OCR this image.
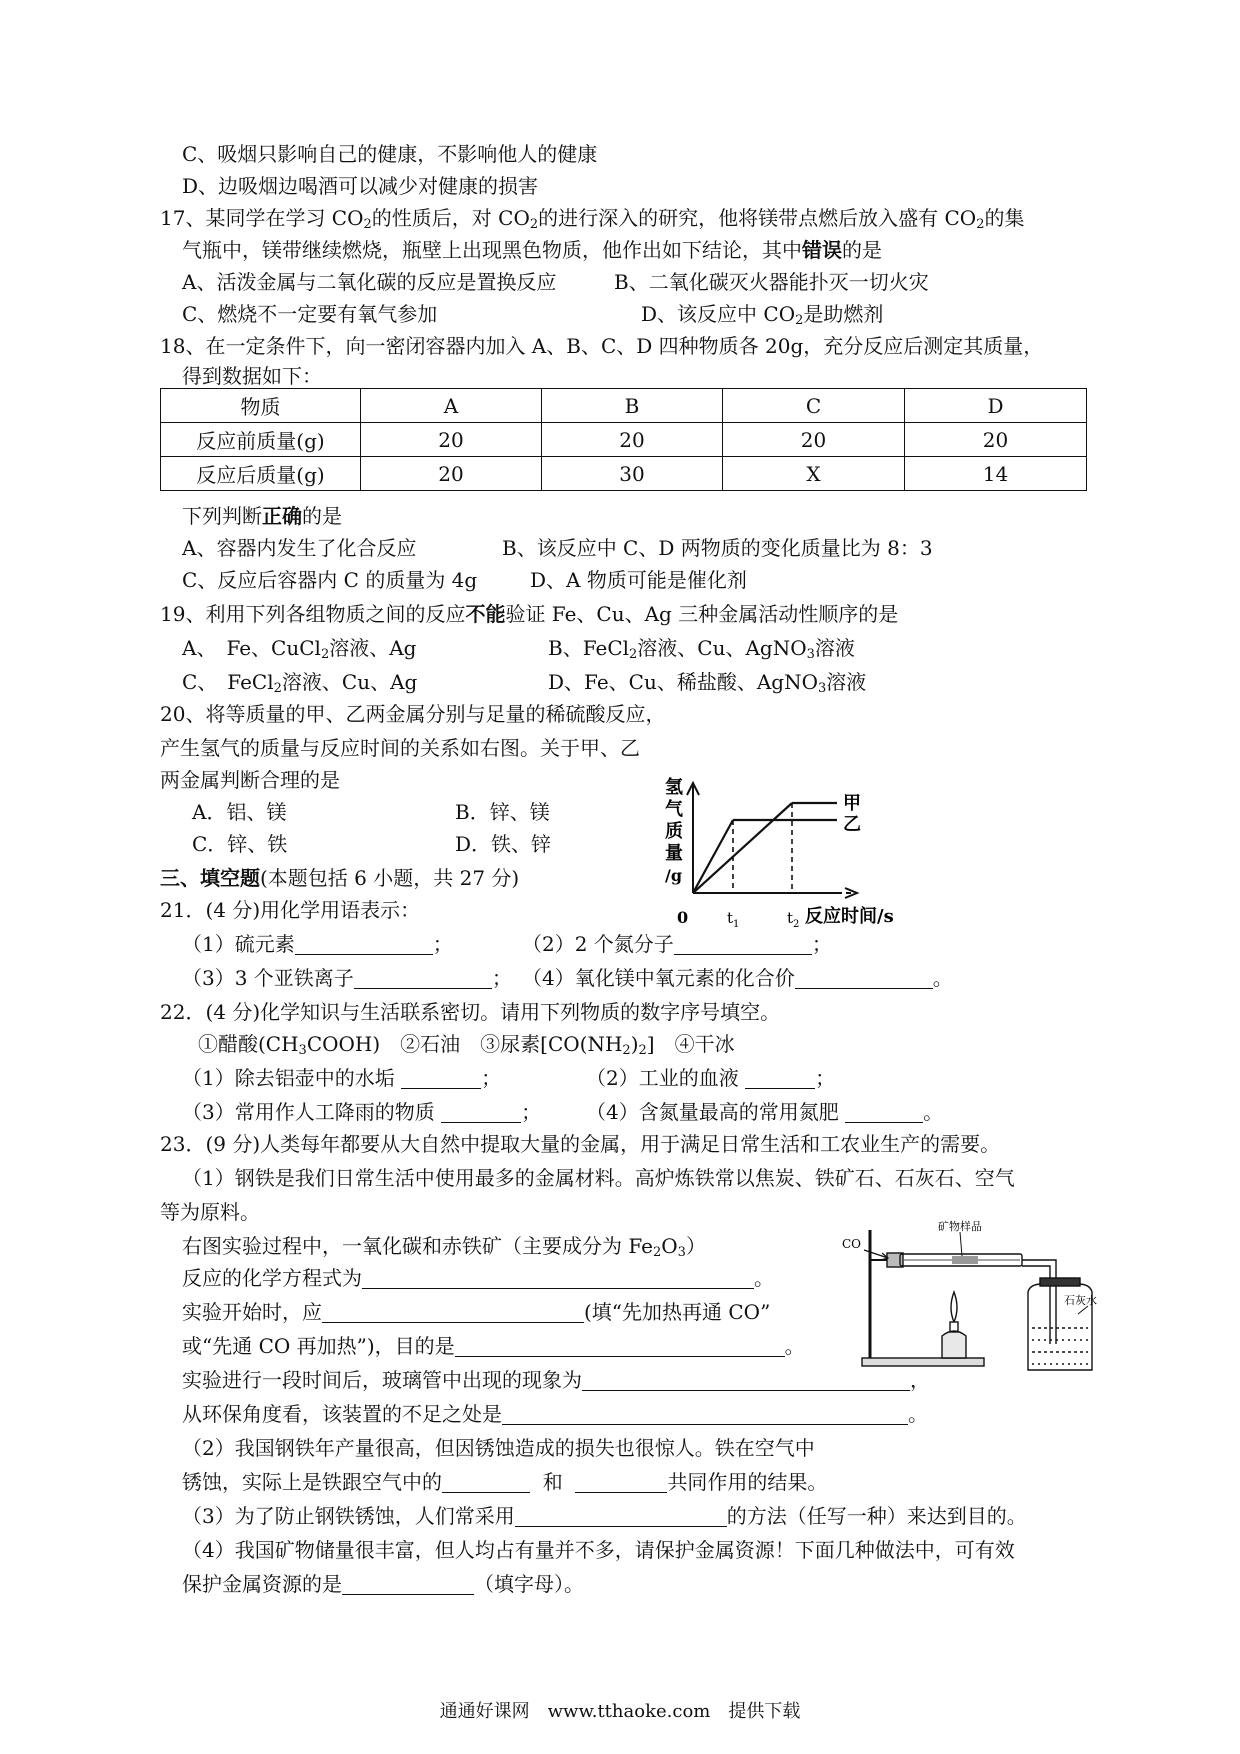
C、吸烟只影响自己的健康，不影响他人的健康
D、边吸烟边喝酒可以减少对健康的损害
17、某同学在学习 $CO_2$的性质后，对 $CO_2$的进行深入的研究，他将镁带点燃后放入盛有 $CO_2$的集
气瓶中，镁带继续燃烧，瓶壁上出现黑色物质，他作出如下结论，其中错误的是
A、活泼金属与二氧化碳的反应是置换反应	B、二氧化碳灭火器能扑灭一切火灾
C、燃烧不一定要有氧气参加	D、该反应中 $CO_2$是助燃剂
18、在一定条件下，向一密闭容器内加入 A、B、C、D 四种物质各 20g，充分反应后测定其质量，
得到数据如下：
物质	A	B	C	D
反应前质量(g)	20	20	20	20
反应后质量(g)	20	30	X	14
下列判断正确的是
A、容器内发生了化合反应	B、该反应中 C、D 两物质的变化质量比为 8：3
C、反应后容器内 C 的质量为 4g	D、A 物质可能是催化剂
19、利用下列各组物质之间的反应不能验证 Fe、Cu、Ag 三种金属活动性顺序的是
A、　Fe、CuCl$_2$溶液、Ag	B、FeCl$_2$溶液、Cu、AgNO$_3$溶液
C、　FeCl$_2$溶液、Cu、Ag	D、Fe、Cu、稀盐酸、AgNO$_3$溶液
20、将等质量的甲、乙两金属分别与足量的稀硫酸反应，
产生氢气的质量与反应时间的关系如右图。关于甲、乙
两金属判断合理的是
A．铝、镁	B．锌、镁
C．锌、铁	D．铁、锌
氢
气
质
量
/g
甲
乙
0	$t_1$	$t_2$ 反应时间/s
三、填空题(本题包括 6 小题，共 27 分)
21．(4 分)用化学用语表示：
（1）硫元素	；	（2）2 个氮分子	；
（3）3 个亚铁离子	； （4）氧化镁中氧元素的化合价	。
22．(4 分)化学知识与生活联系密切。请用下列物质的数字序号填空。
①醋酸$(CH_3COOH)$　②石油　③尿素$[CO(NH_2)_2]$　④干冰
（1）除去铝壶中的水垢	；	（2）工业的血液	；
（3）常用作人工降雨的物质	； （4）含氮量最高的常用氮肥	。
23．(9 分)人类每年都要从大自然中提取大量的金属，用于满足日常生活和工农业生产的需要。
（1）钢铁是我们日常生活中使用最多的金属材料。高炉炼铁常以焦炭、铁矿石、石灰石、空气
等为原料。
右图实验过程中，一氧化碳和赤铁矿（主要成分为 $Fe_2O_3$）
反应的化学方程式为	。
实验开始时，应	(填“先加热再通 CO”
或“先通 CO 再加热”)，目的是	。
实验进行一段时间后，玻璃管中出现的现象为	，
从环保角度看，该装置的不足之处是	。
（2）我国钢铁年产量很高，但因锈蚀造成的损失也很惊人。铁在空气中
锈蚀，实际上是铁跟空气中的	和	共同作用的结果。
（3）为了防止钢铁锈蚀，人们常采用	的方法（任写一种）来达到目的。
（4）我国矿物储量很丰富，但人均占有量并不多，请保护金属资源！下面几种做法中，可有效
保护金属资源的是	（填字母）。
CO
矿物样品
石灰水
通通好课网　www.tthaoke.com　提供下载
